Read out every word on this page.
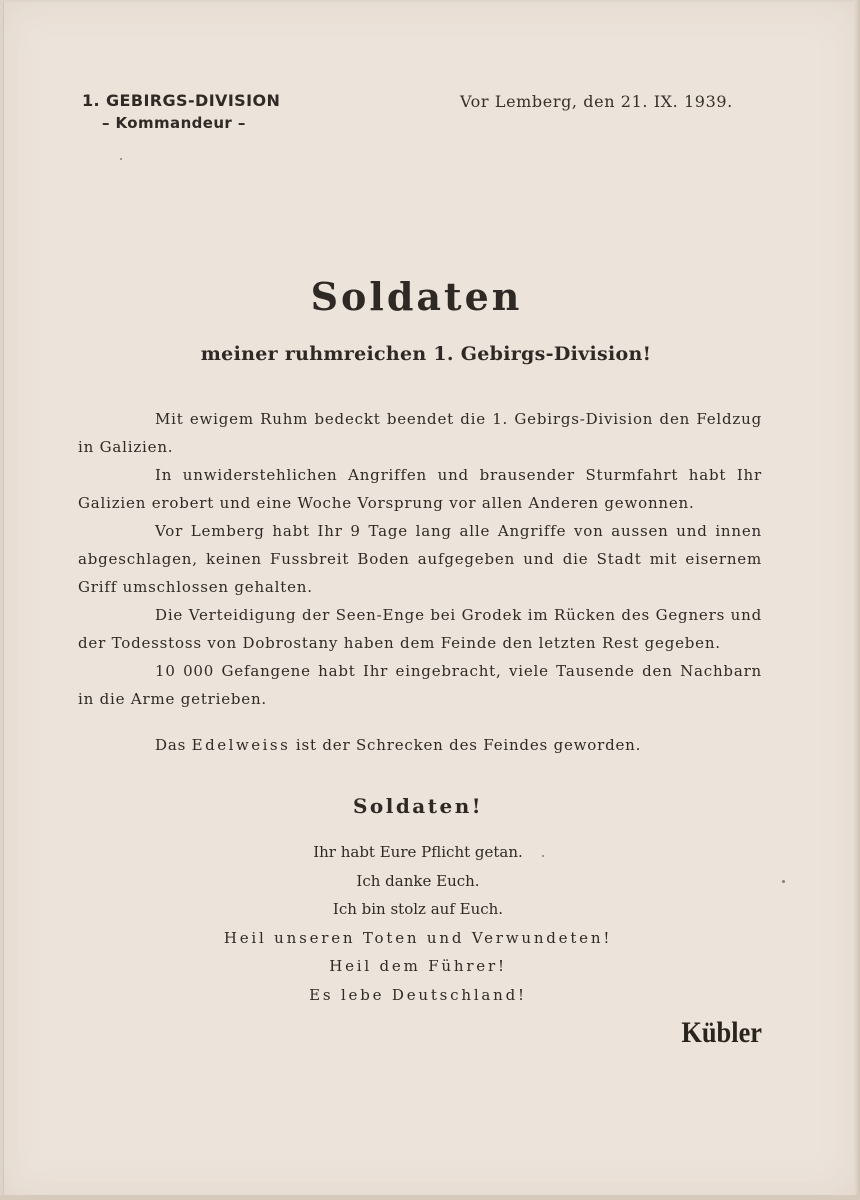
1. GEBIRGS-DIVISION
– Kommandeur –
Vor Lemberg, den 21. IX. 1939.
Soldaten
meiner ruhmreichen 1. Gebirgs-Division!

Mit ewigem Ruhm bedeckt beendet die 1. Gebirgs-Division den Feldzug in Galizien.

In unwiderstehlichen Angriffen und brausender Sturmfahrt habt Ihr Galizien erobert und eine Woche Vorsprung vor allen Anderen gewonnen.

Vor Lemberg habt Ihr 9 Tage lang alle Angriffe von aussen und innen abgeschlagen, keinen Fussbreit Boden aufgegeben und die Stadt mit eisernem Griff umschlossen gehalten.

Die Verteidigung der Seen-Enge bei Grodek im Rücken des Gegners und der Todesstoss von Dobrostany haben dem Feinde den letzten Rest gegeben.

10 000 Gefangene habt Ihr eingebracht, viele Tausende den Nachbarn in die Arme getrieben.

Das Edelweiss ist der Schrecken des Feindes geworden.

Soldaten!
Ihr habt Eure Pflicht getan.
Ich danke Euch.
Ich bin stolz auf Euch.
Heil unseren Toten und Verwundeten!
Heil dem Führer!
Es lebe Deutschland!
Kübler
